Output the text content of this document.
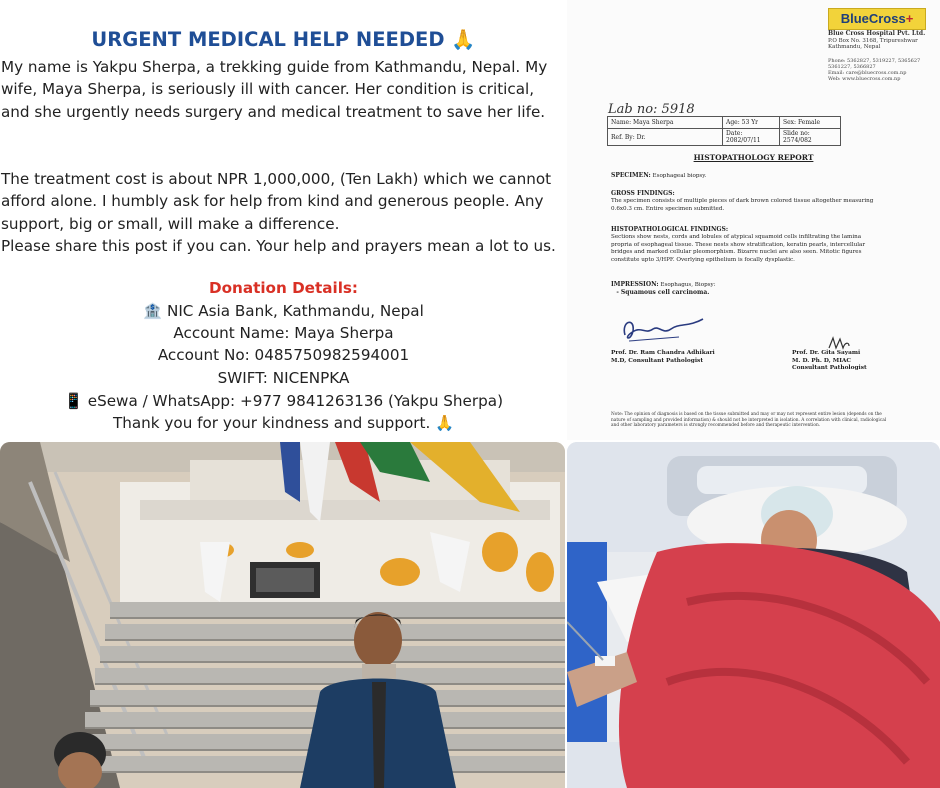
URGENT MEDICAL HELP NEEDED 🙏
My name is Yakpu Sherpa, a trekking guide from Kathmandu, Nepal. My wife, Maya Sherpa, is seriously ill with cancer. Her condition is critical, and she urgently needs surgery and medical treatment to save her life.
The treatment cost is about NPR 1,000,000, (Ten Lakh) which we cannot afford alone. I humbly ask for help from kind and generous people. Any support, big or small, will make a difference.
Please share this post if you can. Your help and prayers mean a lot to us.
Donation Details:
🏦 NIC Asia Bank, Kathmandu, Nepal
Account Name: Maya Sherpa
Account No: 0485750982594001
SWIFT: NICENPKA
📱 eSewa / WhatsApp: +977 9841263136 (Yakpu Sherpa)
Thank you for your kindness and support. 🙏
BlueCross+
Blue Cross Hospital Pvt. Ltd.
P.O Box No. 3168, Tripureshwar
Kathmandu, Nepal
Phone: 5362827, 5319227, 5365627
5361227, 5366827
Email: care@bluecross.com.np
Web: www.bluecross.com.np
Lab no: 5918
Name: Maya Sherpa	Age: 53 Yr	Sex: Female
Ref. By: Dr.	Date: 2082/07/11	Slide no: 2574/082
HISTOPATHOLOGY REPORT
SPECIMEN: Esophageal biopsy.
GROSS FINDINGS:
The specimen consists of multiple pieces of dark brown colored tissue altogether measuring 0.6x0.3 cm. Entire specimen submitted.
HISTOPATHOLOGICAL FINDINGS:
Sections show nests, cords and lobules of atypical squamoid cells infiltrating the lamina propria of esophageal tissue. These nests show stratification, keratin pearls, intercellular bridges and marked cellular pleomorphism. Bizarre nuclei are also seen. Mitotic figures constitute upto 3/HPF. Overlying epithelium is focally dysplastic.
IMPRESSION: Esophagus, Biopsy:
- Squamous cell carcinoma.
Prof. Dr. Ram Chandra Adhikari
M.D, Consultant Pathologist
Prof. Dr. Gita Sayami
M. D. Ph. D, MIAC
Consultant Pathologist
Note: The opinion of diagnosis is based on the tissue submitted and may or may not represent entire lesion (depends on the nature of sampling and provided information) & should not be interpreted in isolation. A correlation with clinical, radiological and other laboratory parameters is strongly recommended before and therapeutic intervention.
